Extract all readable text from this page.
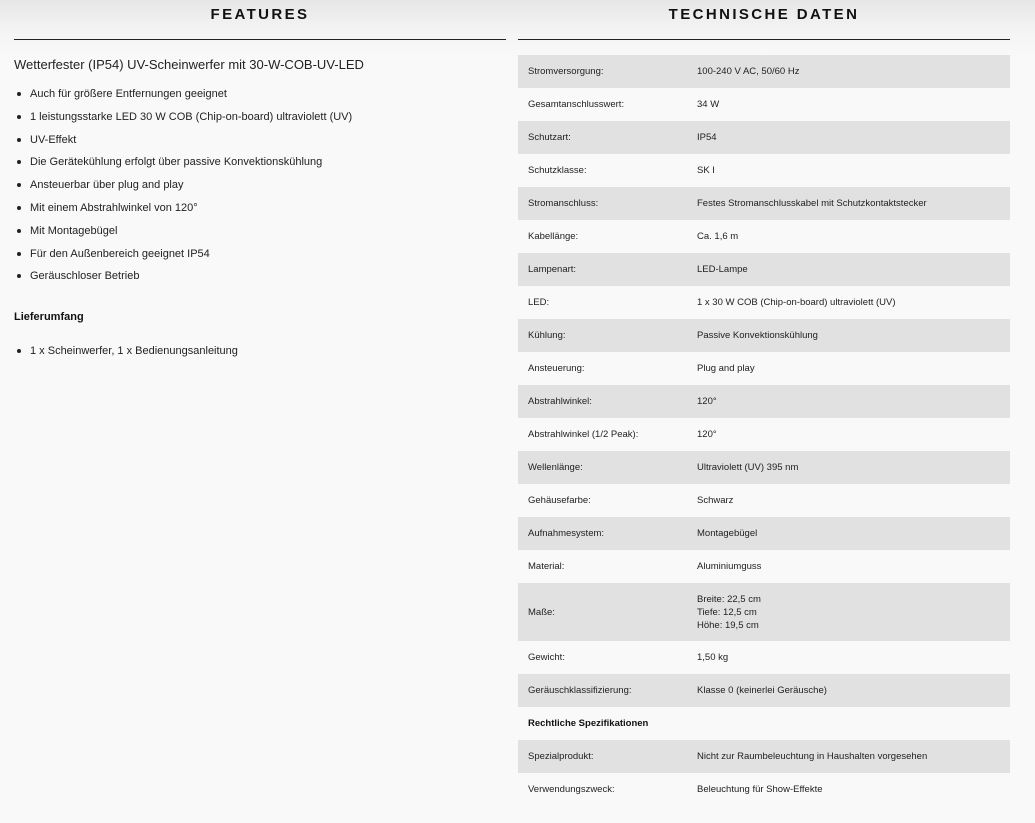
FEATURES

Wetterfester (IP54) UV-Scheinwerfer mit 30-W-COB-UV-LED

Auch für größere Entfernungen geeignet
1 leistungsstarke LED 30 W COB (Chip-on-board) ultraviolett (UV)
UV-Effekt
Die Gerätekühlung erfolgt über passive Konvektionskühlung
Ansteuerbar über plug and play
Mit einem Abstrahlwinkel von 120°
Mit Montagebügel
Für den Außenbereich geeignet IP54
Geräuschloser Betrieb

Lieferumfang

1 x Scheinwerfer, 1 x Bedienungsanleitung
TECHNISCHE DATEN
Stromversorgung:	100-240 V AC, 50/60 Hz
Gesamtanschlusswert:	34 W
Schutzart:	IP54
Schutzklasse:	SK I
Stromanschluss:	Festes Stromanschlusskabel mit Schutzkontaktstecker
Kabellänge:	Ca. 1,6 m
Lampenart:	LED-Lampe
LED:	1 x 30 W COB (Chip-on-board) ultraviolett (UV)
Kühlung:	Passive Konvektionskühlung
Ansteuerung:	Plug and play
Abstrahlwinkel:	120°
Abstrahlwinkel (1/2 Peak):	120°
Wellenlänge:	Ultraviolett (UV) 395 nm
Gehäusefarbe:	Schwarz
Aufnahmesystem:	Montagebügel
Material:	Aluminiumguss
Maße:	Breite: 22,5 cm
Tiefe: 12,5 cm
Höhe: 19,5 cm

Gewicht:	1,50 kg
Geräuschklassifizierung:	Klasse 0 (keinerlei Geräusche)
Rechtliche Spezifikationen	
Spezialprodukt:	Nicht zur Raumbeleuchtung in Haushalten vorgesehen
Verwendungszweck:	Beleuchtung für Show-Effekte
